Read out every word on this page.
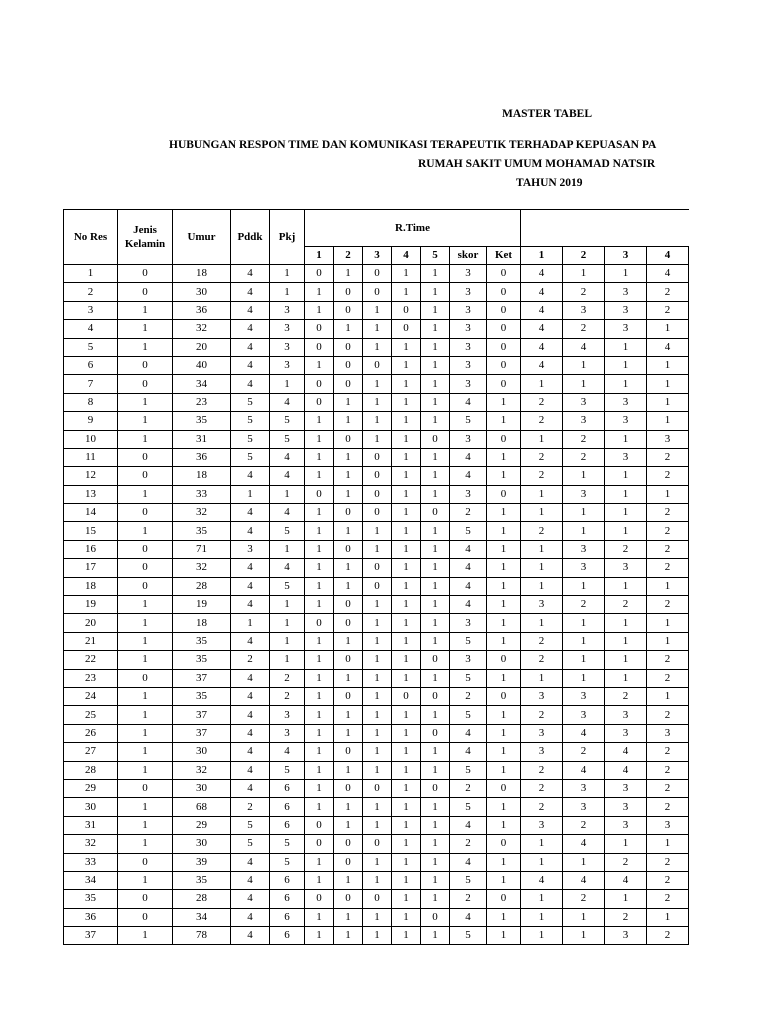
MASTER TABEL
HUBUNGAN RESPON TIME DAN KOMUNIKASI TERAPEUTIK TERHADAP KEPUASAN PA
RUMAH SAKIT UMUM MOHAMAD NATSIR
TAHUN 2019
No Res	Jenis Kelamin	Umur	Pddk	Pkj	R.Time										
					1	2	3	4	5	skor	Ket	1	2	3	4
1	0	18	4	1	0	1	0	1	1	3	0	4	1	1	4
2	0	30	4	1	1	0	0	1	1	3	0	4	2	3	2
3	1	36	4	3	1	0	1	0	1	3	0	4	3	3	2
4	1	32	4	3	0	1	1	0	1	3	0	4	2	3	1
5	1	20	4	3	0	0	1	1	1	3	0	4	4	1	4
6	0	40	4	3	1	0	0	1	1	3	0	4	1	1	1
7	0	34	4	1	0	0	1	1	1	3	0	1	1	1	1
8	1	23	5	4	0	1	1	1	1	4	1	2	3	3	1
9	1	35	5	5	1	1	1	1	1	5	1	2	3	3	1
10	1	31	5	5	1	0	1	1	0	3	0	1	2	1	3
11	0	36	5	4	1	1	0	1	1	4	1	2	2	3	2
12	0	18	4	4	1	1	0	1	1	4	1	2	1	1	2
13	1	33	1	1	0	1	0	1	1	3	0	1	3	1	1
14	0	32	4	4	1	0	0	1	0	2	1	1	1	1	2
15	1	35	4	5	1	1	1	1	1	5	1	2	1	1	2
16	0	71	3	1	1	0	1	1	1	4	1	1	3	2	2
17	0	32	4	4	1	1	0	1	1	4	1	1	3	3	2
18	0	28	4	5	1	1	0	1	1	4	1	1	1	1	1
19	1	19	4	1	1	0	1	1	1	4	1	3	2	2	2
20	1	18	1	1	0	0	1	1	1	3	1	1	1	1	1
21	1	35	4	1	1	1	1	1	1	5	1	2	1	1	1
22	1	35	2	1	1	0	1	1	0	3	0	2	1	1	2
23	0	37	4	2	1	1	1	1	1	5	1	1	1	1	2
24	1	35	4	2	1	0	1	0	0	2	0	3	3	2	1
25	1	37	4	3	1	1	1	1	1	5	1	2	3	3	2
26	1	37	4	3	1	1	1	1	0	4	1	3	4	3	3
27	1	30	4	4	1	0	1	1	1	4	1	3	2	4	2
28	1	32	4	5	1	1	1	1	1	5	1	2	4	4	2
29	0	30	4	6	1	0	0	1	0	2	0	2	3	3	2
30	1	68	2	6	1	1	1	1	1	5	1	2	3	3	2
31	1	29	5	6	0	1	1	1	1	4	1	3	2	3	3
32	1	30	5	5	0	0	0	1	1	2	0	1	4	1	1
33	0	39	4	5	1	0	1	1	1	4	1	1	1	2	2
34	1	35	4	6	1	1	1	1	1	5	1	4	4	4	2
35	0	28	4	6	0	0	0	1	1	2	0	1	2	1	2
36	0	34	4	6	1	1	1	1	0	4	1	1	1	2	1
37	1	78	4	6	1	1	1	1	1	5	1	1	1	3	2
